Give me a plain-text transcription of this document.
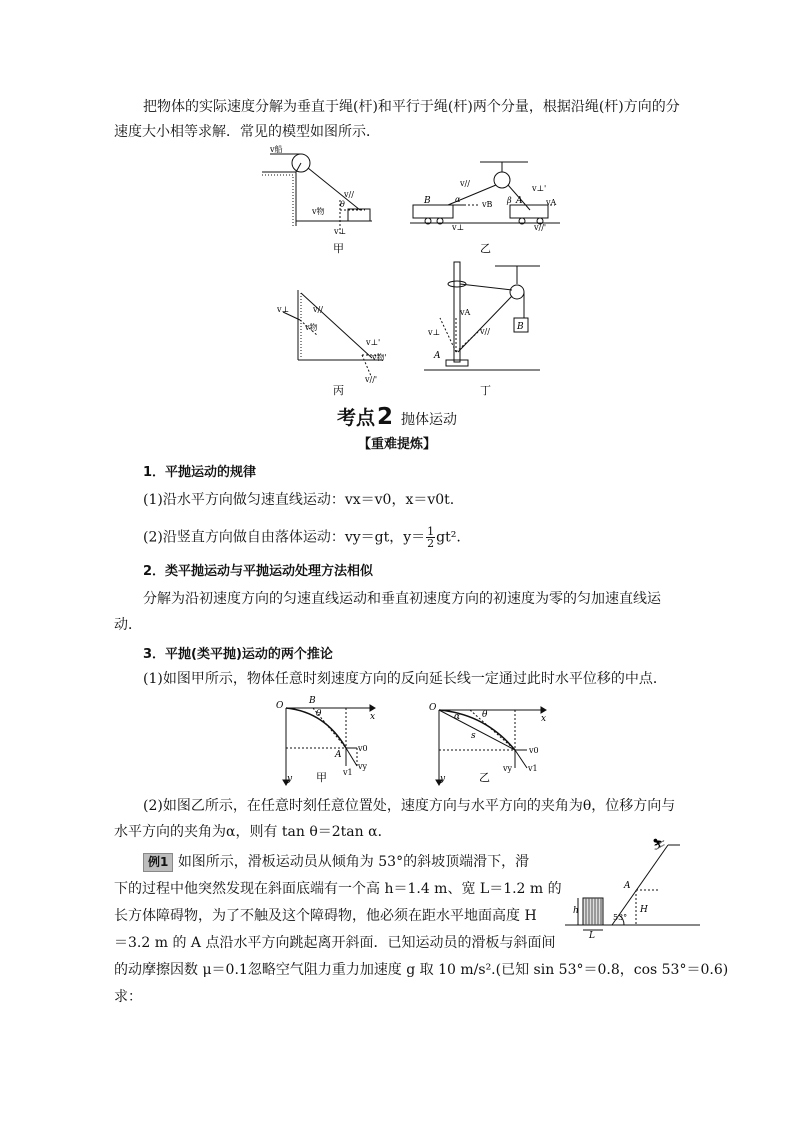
把物体的实际速度分解为垂直于绳(杆)和平行于绳(杆)两个分量，根据沿绳(杆)方向的分
速度大小相等求解．常见的模型如图所示．
v船
v//
θ
v物
v⊥
甲
B	A
α
v//
vB
v⊥
β
v⊥'
vA
v//'
乙
v⊥	v//
v物
v⊥'
v物'
v//'
丙
v⊥
vA
v//
A
B
丁
考点2 抛体运动
【重难提炼】
1．平抛运动的规律
(1)沿水平方向做匀速直线运动：vx＝v0，x＝v0t.
(2)沿竖直方向做自由落体运动：vy＝gt，$y= \frac{1}{2} gt^2$.
2．类平抛运动与平抛运动处理方法相似
分解为沿初速度方向的匀速直线运动和垂直初速度方向的初速度为零的匀加速直线运
动．
3．平抛(类平抛)运动的两个推论
(1)如图甲所示，物体任意时刻速度方向的反向延长线一定通过此时水平位移的中点．
O	B
θ	x
A
v0
vy
v1
y 甲
O
α θ	x
s
v0
vy v1
y	乙
(2)如图乙所示，在任意时刻任意位置处，速度方向与水平方向的夹角为θ，位移方向与
水平方向的夹角为α，则有 tan θ＝2tan α．
例1 如图所示，滑板运动员从倾角为 53°的斜坡顶端滑下，滑
下的过程中他突然发现在斜面底端有一个高 h＝1.4 m、宽 L＝1.2 m 的
长方体障碍物，为了不触及这个障碍物，他必须在距水平地面高度 H
＝3.2 m 的 A 点沿水平方向跳起离开斜面．已知运动员的滑板与斜面间
的动摩擦因数 μ＝0.1忽略空气阻力重力加速度 g 取 10 m/s².(已知 sin 53°＝0.8，cos 53°＝0.6)
求：
A
H
h
L
53°
⛷
